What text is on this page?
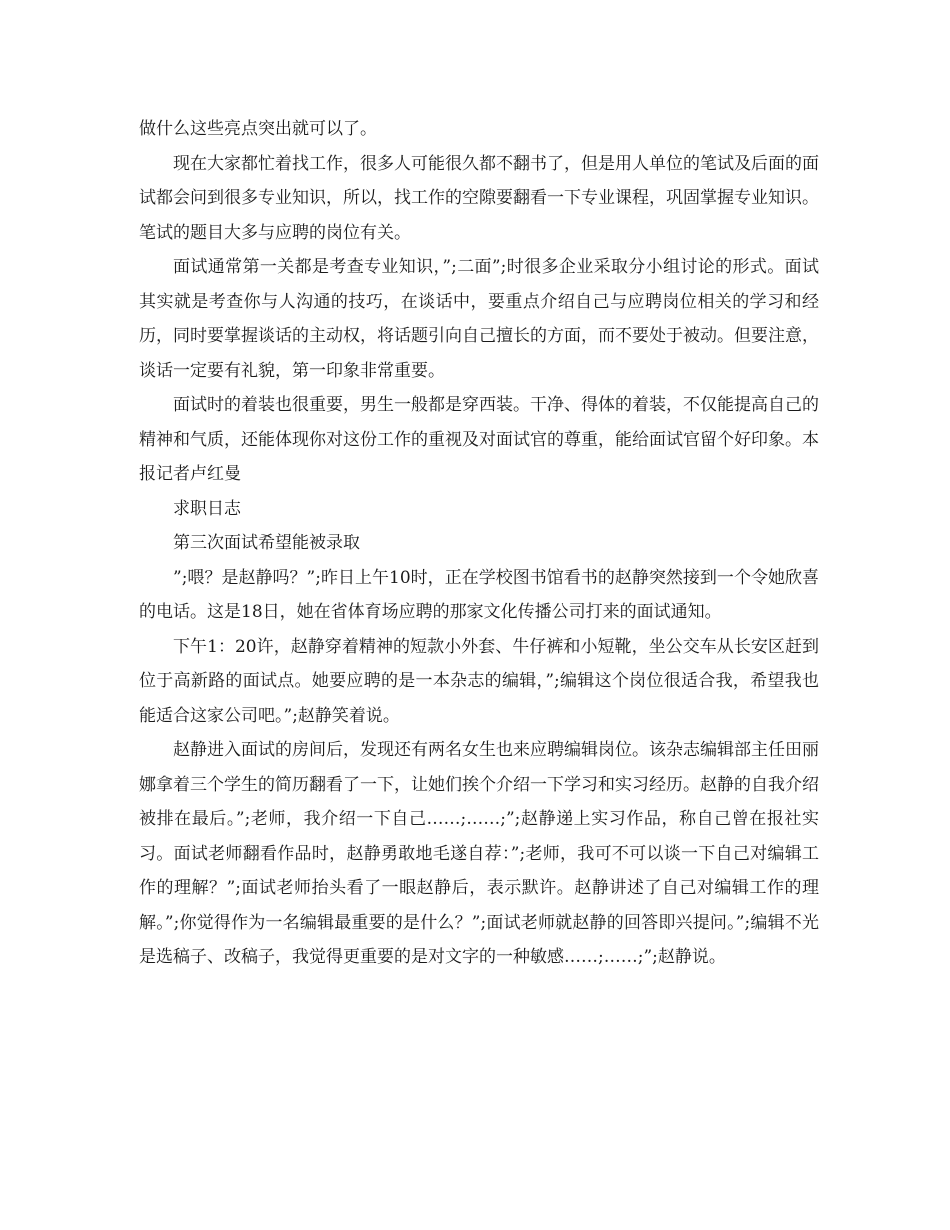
做什么这些亮点突出就可以了。

现在大家都忙着找工作，很多人可能很久都不翻书了，但是用人单位的笔试及后面的面试都会问到很多专业知识，所以，找工作的空隙要翻看一下专业课程，巩固掌握专业知识。笔试的题目大多与应聘的岗位有关。

面试通常第一关都是考查专业知识，”;二面”;时很多企业采取分小组讨论的形式。面试其实就是考查你与人沟通的技巧，在谈话中，要重点介绍自己与应聘岗位相关的学习和经历，同时要掌握谈话的主动权，将话题引向自己擅长的方面，而不要处于被动。但要注意，谈话一定要有礼貌，第一印象非常重要。

面试时的着装也很重要，男生一般都是穿西装。干净、得体的着装，不仅能提高自己的精神和气质，还能体现你对这份工作的重视及对面试官的尊重，能给面试官留个好印象。本报记者卢红曼

求职日志

第三次面试希望能被录取

”;喂？是赵静吗？”;昨日上午10时，正在学校图书馆看书的赵静突然接到一个令她欣喜的电话。这是18日，她在省体育场应聘的那家文化传播公司打来的面试通知。

下午1：20许，赵静穿着精神的短款小外套、牛仔裤和小短靴，坐公交车从长安区赶到位于高新路的面试点。她要应聘的是一本杂志的编辑，”;编辑这个岗位很适合我，希望我也能适合这家公司吧。”;赵静笑着说。

赵静进入面试的房间后，发现还有两名女生也来应聘编辑岗位。该杂志编辑部主任田丽娜拿着三个学生的简历翻看了一下，让她们挨个介绍一下学习和实习经历。赵静的自我介绍被排在最后。”;老师，我介绍一下自己……;……;”;赵静递上实习作品，称自己曾在报社实习。面试老师翻看作品时，赵静勇敢地毛遂自荐：”;老师，我可不可以谈一下自己对编辑工作的理解？”;面试老师抬头看了一眼赵静后，表示默许。赵静讲述了自己对编辑工作的理解。”;你觉得作为一名编辑最重要的是什么？”;面试老师就赵静的回答即兴提问。”;编辑不光是选稿子、改稿子，我觉得更重要的是对文字的一种敏感……;……;”;赵静说。
